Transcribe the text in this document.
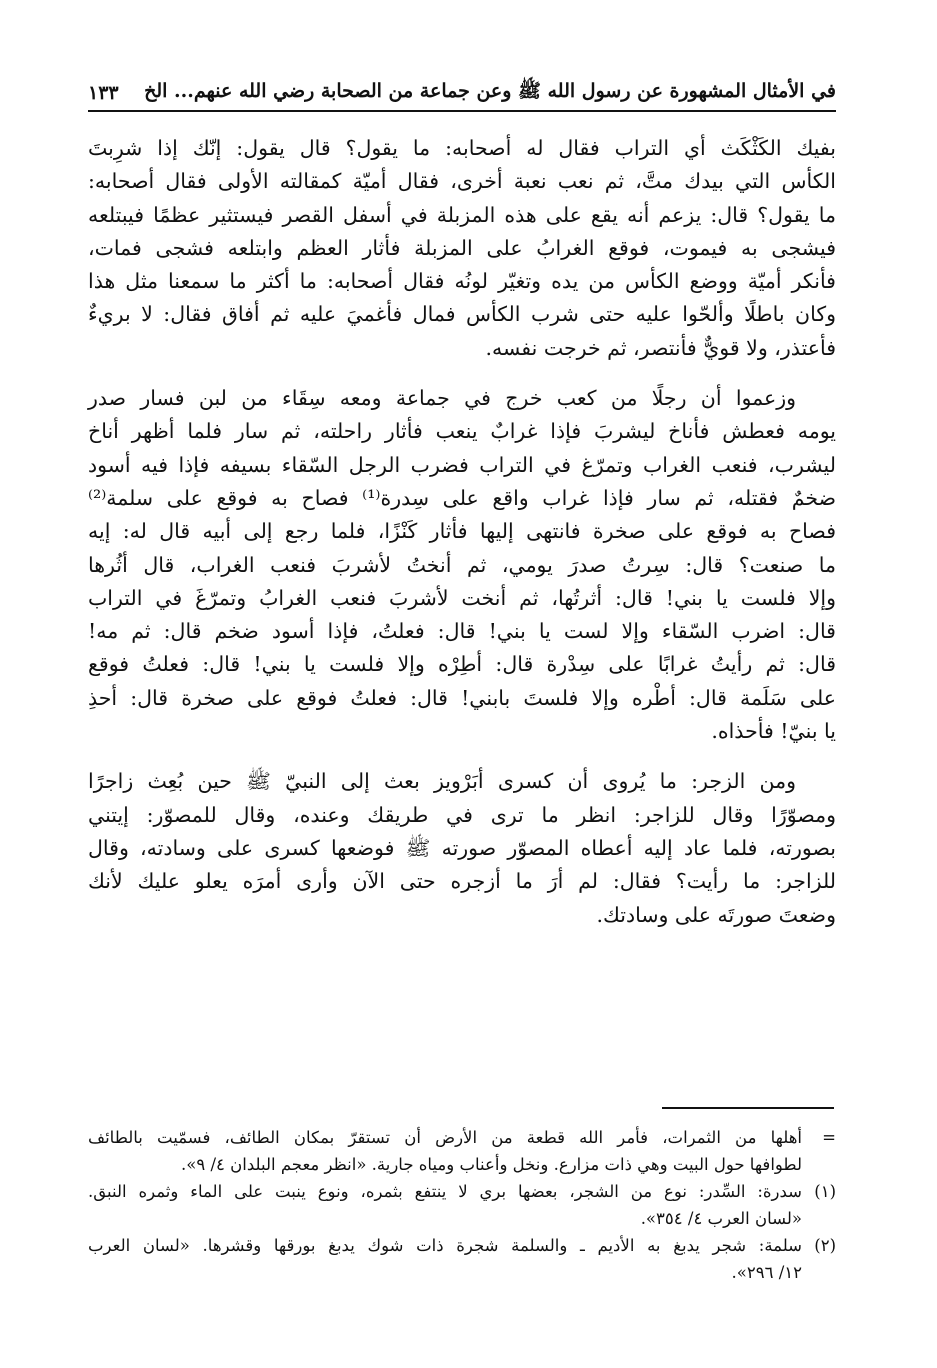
في الأمثال المشهورة عن رسول الله ﷺ وعن جماعة من الصحابة رضي الله عنهم... الخ
١٣٣
بفيك الكَثْكَث أي التراب فقال له أصحابه: ما يقول؟ قال يقول: إنّك إذا شرِبتَ
الكأس التي بيدك متَّ، ثم نعب نعبة أخرى، فقال أميّة كمقالته الأولى فقال أصحابه:
ما يقول؟ قال: يزعم أنه يقع على هذه المزبلة في أسفل القصر فيستثير عظمًا فيبتلعه
فيشجى به فيموت، فوقع الغرابُ على المزبلة فأثار العظم وابتلعه فشجى فمات،
فأنكر أميّة ووضع الكأس من يده وتغيّر لونُه فقال أصحابه: ما أكثر ما سمعنا مثل هذا
وكان باطلًا وألحّوا عليه حتى شرب الكأس فمال فأغميَ عليه ثم أفاق فقال: لا بريءٌ
فأعتذر، ولا قويٌّ فأنتصر، ثم خرجت نفسه.
وزعموا أن رجلًا من كعب خرج في جماعة ومعه سِقَاء من لبن فسار صدر
يومه فعطش فأناخ ليشربَ فإذا غرابٌ ينعب فأثار راحلته، ثم سار فلما أظهر أناخ
ليشرب، فنعب الغراب وتمرّغ في التراب فضرب الرجل السّقاء بسيفه فإذا فيه أسود
ضخمٌ فقتله، ثم سار فإذا غراب واقع على سِدرة⁽¹⁾ فصاح به فوقع على سلمة⁽²⁾
فصاح به فوقع على صخرة فانتهى إليها فأثار كَنْزًا، فلما رجع إلى أبيه قال له: إيه
ما صنعت؟ قال: سِرتُ صدرَ يومي، ثم أنختُ لأشربَ فنعب الغراب، قال أثُرها
وإلا فلست يا بني! قال: أثرتُها، ثم أنخت لأشربَ فنعب الغرابُ وتمرّغَ في التراب
قال: اضرب السّقاء وإلا لست يا بني! قال: فعلتُ، فإذا أسود ضخم قال: ثم مه!
قال: ثم رأيتُ غرابًا على سِدْرة قال: أطِرْه وإلا فلست يا بني! قال: فعلتُ فوقع
على سَلَمة قال: أطْره وإلا فلستَ بابني! قال: فعلتُ فوقع على صخرة قال: أحذِ
يا بنيّ! فأحذاه.
ومن الزجر: ما يُروى أن كسرى أبَرْويز بعث إلى النبيّ ﷺ حين بُعِث زاجرًا
ومصوّرًا وقال للزاجر: انظر ما ترى في طريقك وعنده، وقال للمصوّر: إيتني
بصورته، فلما عاد إليه أعطاه المصوّر صورته ﷺ فوضعها كسرى على وسادته، وقال
للزاجر: ما رأيت؟ فقال: لم أرَ ما أزجره حتى الآن وأرى أمرَه يعلو عليك لأنك
وضعتَ صورتَه على وسادتك.
=
أهلها من الثمرات، فأمر الله قطعة من الأرض أن تستقرّ بمكان الطائف، فسمّيت بالطائف
لطوافها حول البيت وهي ذات مزارع. ونخل وأعناب ومياه جارية. «انظر معجم البلدان ٤/ ٩».
(١)
سدرة: السِّدر: نوع من الشجر، بعضها بري لا ينتفع بثمره، ونوع ينبت على الماء وثمره النبق.
«لسان العرب ٤/ ٣٥٤».
(٢)
سلمة: شجر يدبغ به الأديم ـ والسلمة شجرة ذات شوك يدبغ بورقها وقشرها. «لسان العرب
١٢/ ٢٩٦».
